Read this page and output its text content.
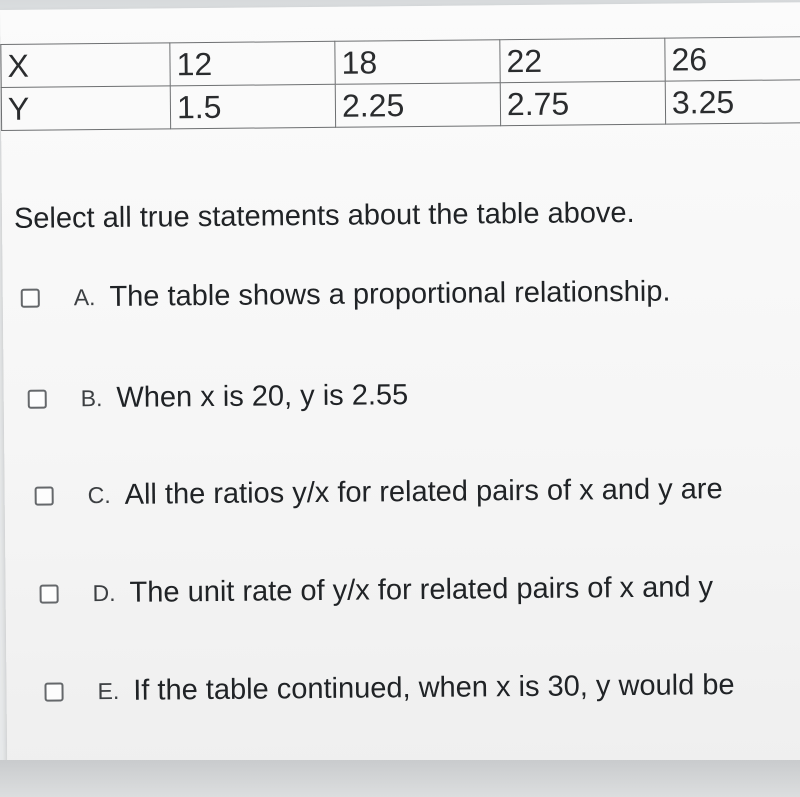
X	12	18	22	26
Y	1.5	2.25	2.75	3.25
Select all true statements about the table above.
A. The table shows a proportional relationship.
B. When x is 20, y is 2.55
C. All the ratios y/x for related pairs of x and y are
D. The unit rate of y/x for related pairs of x and y
E. If the table continued, when x is 30, y would be
